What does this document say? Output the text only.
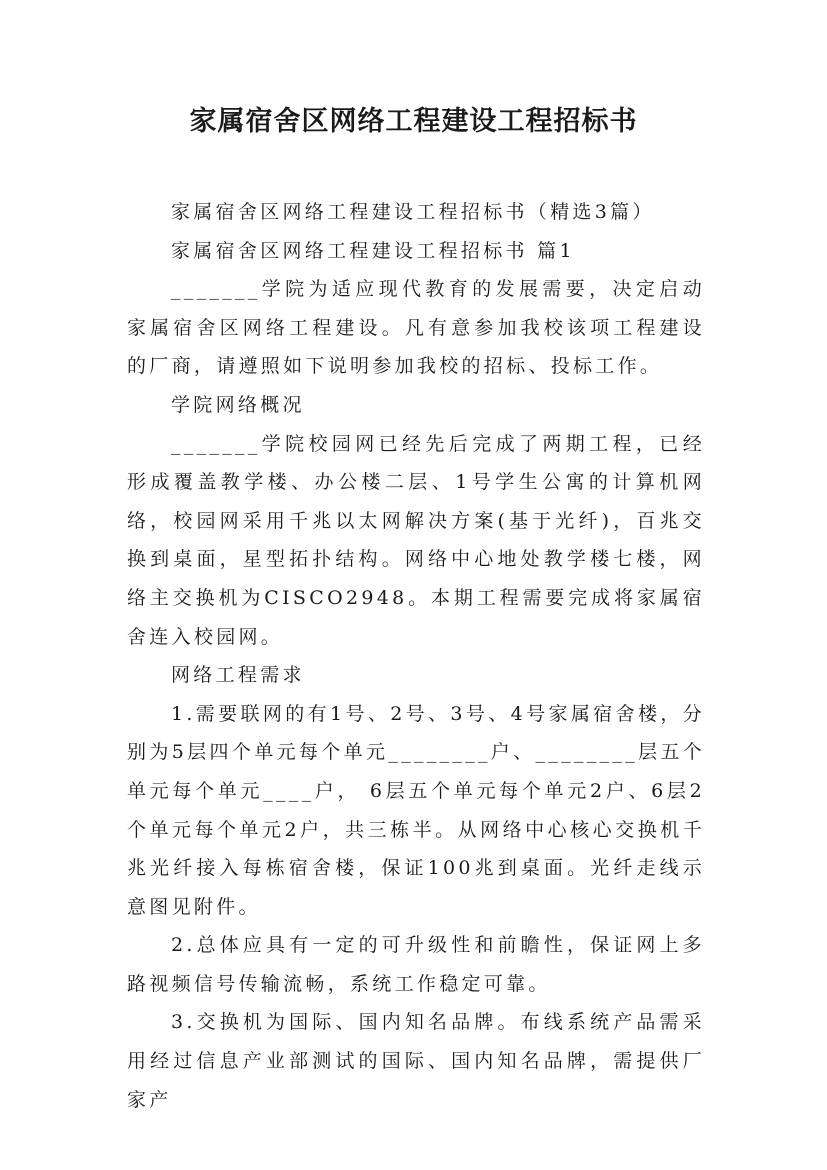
家属宿舍区网络工程建设工程招标书

家属宿舍区网络工程建设工程招标书（精选3篇）

家属宿舍区网络工程建设工程招标书 篇1

_______学院为适应现代教育的发展需要，决定启动家属宿舍区网络工程建设。凡有意参加我校该项工程建设的厂商，请遵照如下说明参加我校的招标、投标工作。

学院网络概况

_______学院校园网已经先后完成了两期工程，已经形成覆盖教学楼、办公楼二层、1号学生公寓的计算机网络，校园网采用千兆以太网解决方案(基于光纤)，百兆交换到桌面，星型拓扑结构。网络中心地处教学楼七楼，网络主交换机为CISCO2948。本期工程需要完成将家属宿舍连入校园网。

网络工程需求

1.需要联网的有1号、2号、3号、4号家属宿舍楼，分别为5层四个单元每个单元________户、________层五个单元每个单元____户， 6层五个单元每个单元2户、6层2个单元每个单元2户，共三栋半。从网络中心核心交换机千兆光纤接入每栋宿舍楼，保证100兆到桌面。光纤走线示意图见附件。

2.总体应具有一定的可升级性和前瞻性，保证网上多路视频信号传输流畅，系统工作稳定可靠。

3.交换机为国际、国内知名品牌。布线系统产品需采用经过信息产业部测试的国际、国内知名品牌，需提供厂家产
